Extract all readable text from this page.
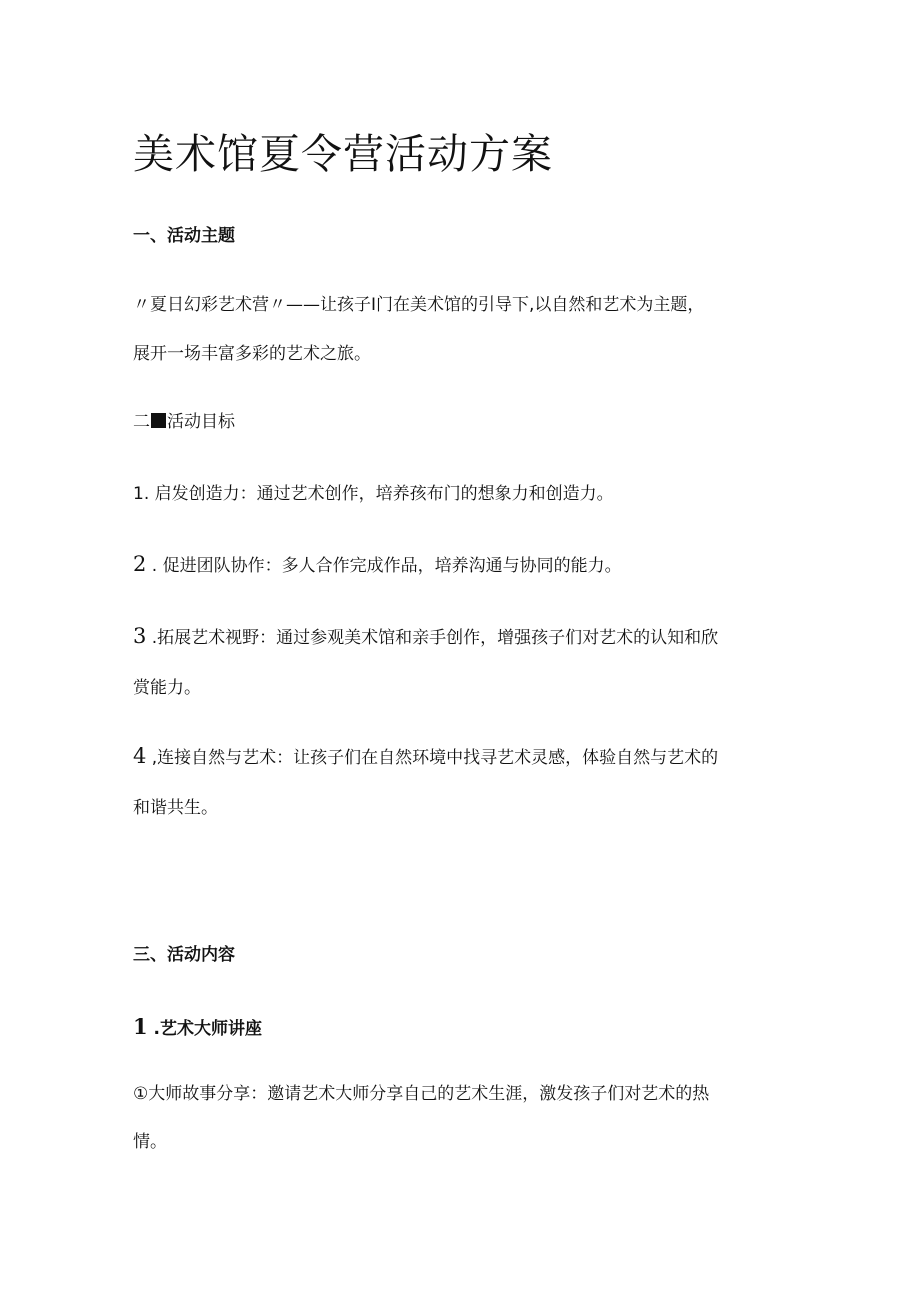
美术馆夏令营活动方案
一、活动主题

〃夏日幻彩艺术营〃——让孩子I门在美术馆的引导下,以自然和艺术为主题，

展开一场丰富多彩的艺术之旅。

二 活动目标

1. 启发创造力：通过艺术创作，培养孩布门的想象力和创造力。

2 . 促进团队协作：多人合作完成作品，培养沟通与协同的能力。

3 .拓展艺术视野：通过参观美术馆和亲手创作，增强孩子们对艺术的认知和欣

赏能力。

4 ,连接自然与艺术：让孩子们在自然环境中找寻艺术灵感，体验自然与艺术的

和谐共生。

三、活动内容

1 .艺术大师讲座

①大师故事分享：邀请艺术大师分享自己的艺术生涯，激发孩子们对艺术的热

情。
